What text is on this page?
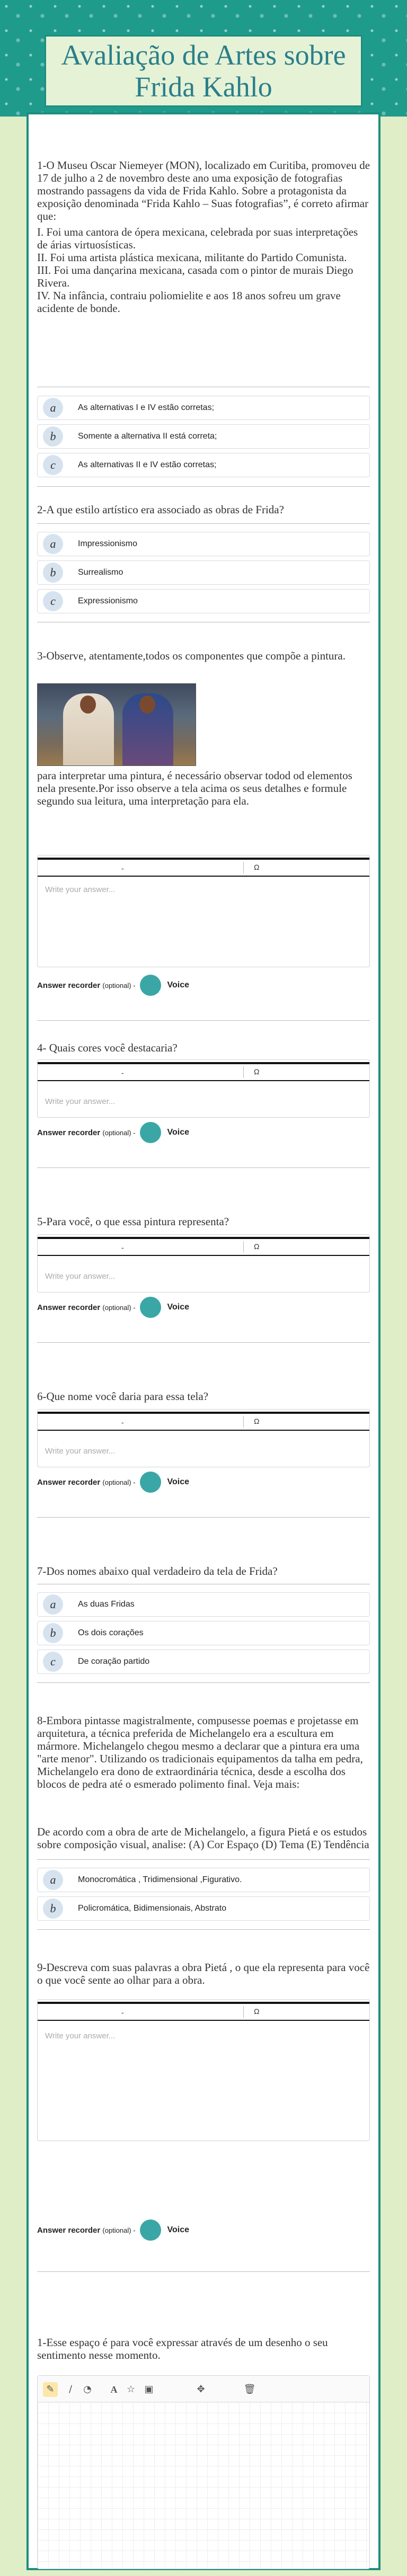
Avaliação de Artes sobre Frida Kahlo

1-O Museu Oscar Niemeyer (MON), localizado em Curitiba, promoveu de 17 de julho a 2 de novembro deste ano uma exposição de fotografias mostrando passagens da vida de Frida Kahlo. Sobre a protagonista da exposição denominada “Frida Kahlo – Suas fotografias”, é correto afirmar que:

I. Foi uma cantora de ópera mexicana, celebrada por suas interpretações de árias virtuosísticas.

II. Foi uma artista plástica mexicana, militante do Partido Comunista.

III. Foi uma dançarina mexicana, casada com o pintor de murais Diego Rivera.

IV. Na infância, contraiu poliomielite e aos 18 anos sofreu um grave acidente de bonde.

a	As alternativas I e IV estão corretas;
b	Somente a alternativa II está correta;
c	As alternativas II e IV estão corretas;
2-A que estilo artístico era associado as obras de Frida?
a	Impressionismo
b	Surrealismo
c	Expressionismo
3-Observe, atentamente,todos os componentes que compõe a pintura.
para interpretar uma pintura, é necessário observar todod od elementos nela presente.Por isso observe a tela acima os seus detalhes e formule segundo sua leitura, uma interpretação para ela.
-	Ω
Write your answer...
Answer recorder (optional) -	Voice
4- Quais cores você destacaria?
-	Ω
Write your answer...
Answer recorder (optional) -	Voice
5-Para você, o que essa pintura representa?
-	Ω
Write your answer...
Answer recorder (optional) -	Voice
6-Que nome você daria para essa tela?
-	Ω
Write your answer...
Answer recorder (optional) -	Voice
7-Dos nomes abaixo qual verdadeiro da tela de Frida?
a	As duas Fridas
b	Os dois corações
c	De coração partido
8-Embora pintasse magistralmente, compusesse poemas e projetasse em arquitetura, a técnica preferida de Michelangelo era a escultura em mármore. Michelangelo chegou mesmo a declarar que a pintura era uma "arte menor". Utilizando os tradicionais equipamentos da talha em pedra, Michelangelo era dono de extraordinária técnica, desde a escolha dos blocos de pedra até o esmerado polimento final. Veja mais:
De acordo com a obra de arte de Michelangelo, a figura Pietá e os estudos sobre composição visual, analise: (A) Cor Espaço (D) Tema (E) Tendência
a	Monocromática , Tridimensional ,Figurativo.
b	Policromática, Bidimensionais, Abstrato
9-Descreva com suas palavras a obra Pietá , o que ela representa para você o que você sente ao olhar para a obra.
-	Ω
Write your answer...
Answer recorder (optional) -	Voice
1-Esse espaço é para você expressar através de um desenho o seu sentimento nesse momento.
✎	∕	◔	A ☆ ▣	✥	🗑
